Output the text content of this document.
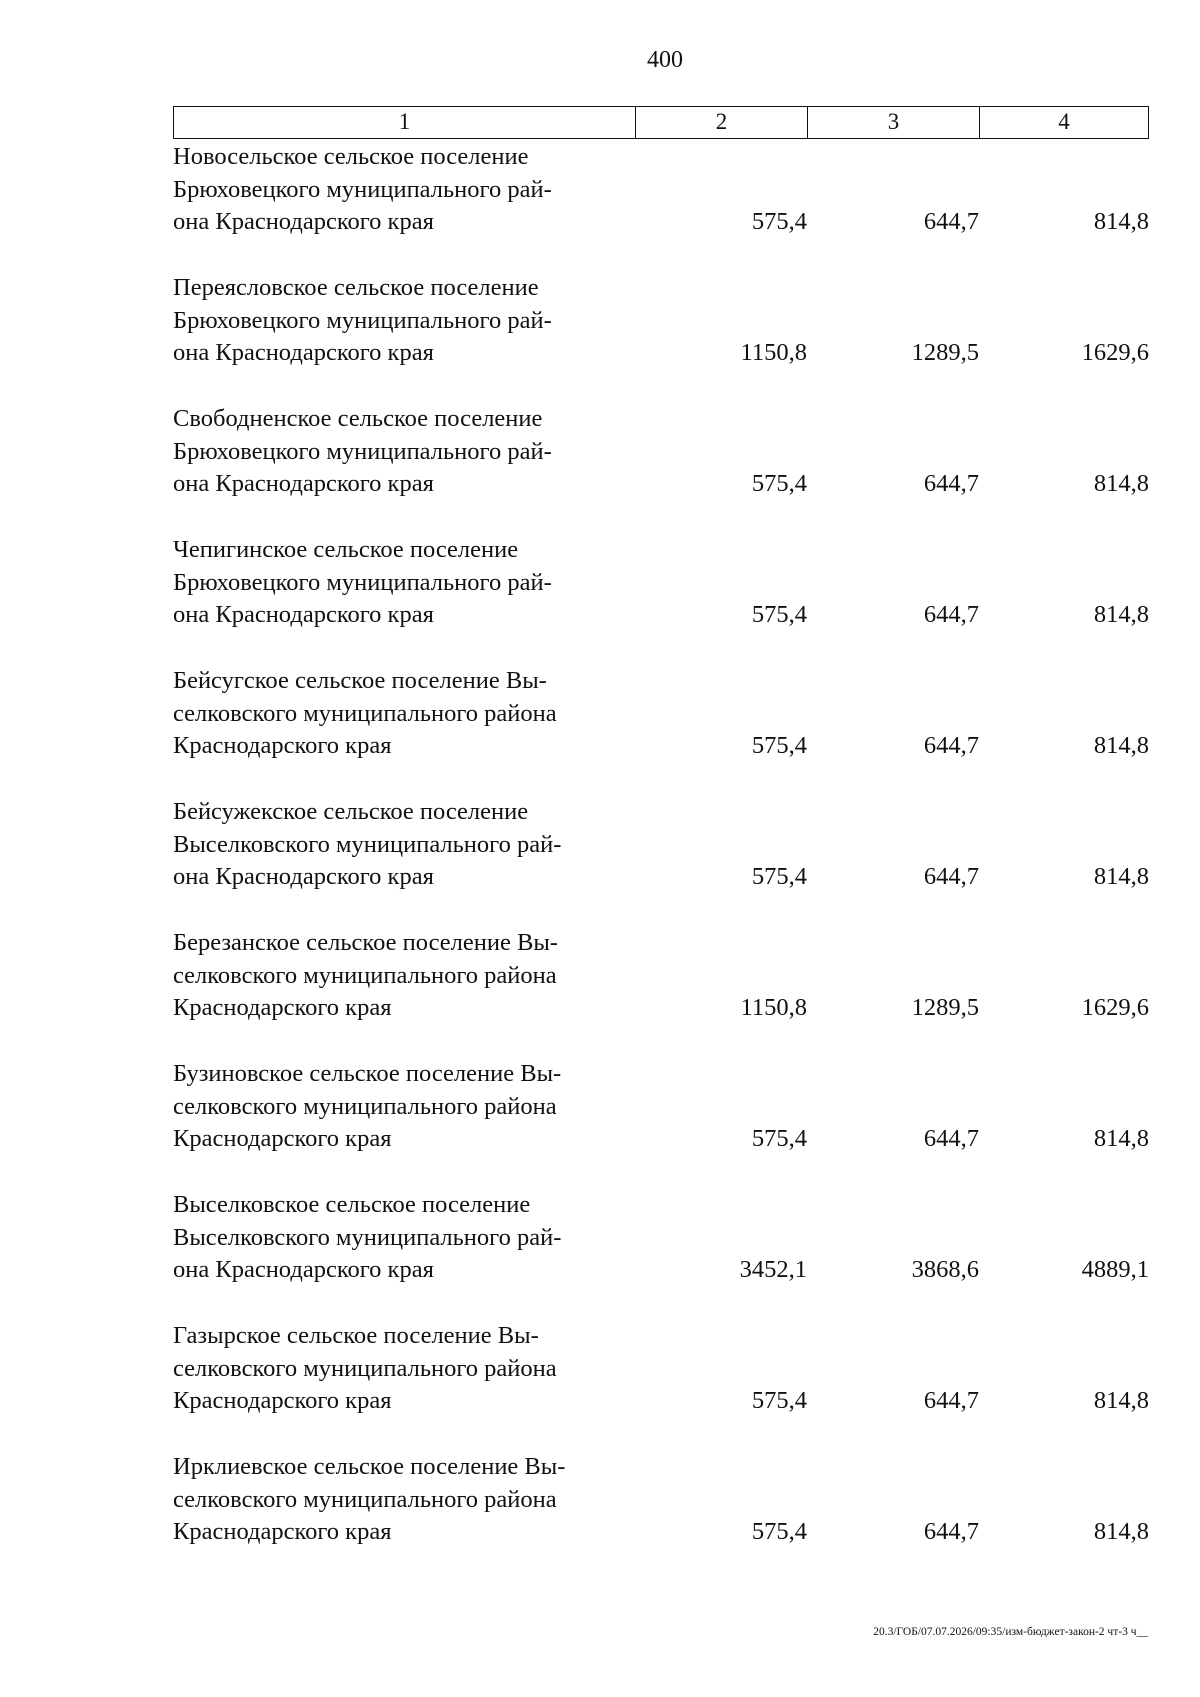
400
1	2	3	4
Новосельское сельское поселение
Брюховецкого муниципального рай-
она Краснодарского края	575,4	644,7	814,8
Переясловское сельское поселение
Брюховецкого муниципального рай-
она Краснодарского края	1150,8	1289,5	1629,6
Свободненское сельское поселение
Брюховецкого муниципального рай-
она Краснодарского края	575,4	644,7	814,8
Чепигинское сельское поселение
Брюховецкого муниципального рай-
она Краснодарского края	575,4	644,7	814,8
Бейсугское сельское поселение Вы-
селковского муниципального района
Краснодарского края	575,4	644,7	814,8
Бейсужекское сельское поселение
Выселковского муниципального рай-
она Краснодарского края	575,4	644,7	814,8
Березанское сельское поселение Вы-
селковского муниципального района
Краснодарского края	1150,8	1289,5	1629,6
Бузиновское сельское поселение Вы-
селковского муниципального района
Краснодарского края	575,4	644,7	814,8
Выселковское сельское поселение
Выселковского муниципального рай-
она Краснодарского края	3452,1	3868,6	4889,1
Газырское сельское поселение Вы-
селковского муниципального района
Краснодарского края	575,4	644,7	814,8
Ирклиевское сельское поселение Вы-
селковского муниципального района
Краснодарского края	575,4	644,7	814,8
20.3/ГОБ/07.07.2026/09:35/изм-бюджет-закон-2 чт-3 ч__
